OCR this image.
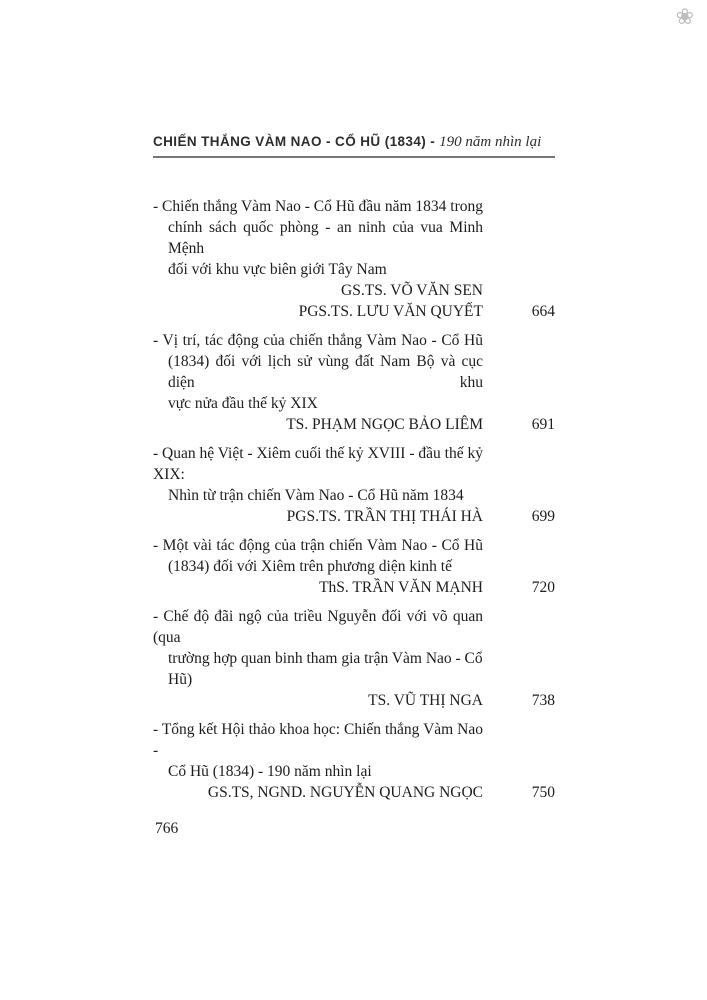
❀
CHIẾN THẮNG VÀM NAO - CỔ HŨ (1834) - 190 năm nhìn lại
- Chiến thắng Vàm Nao - Cổ Hũ đầu năm 1834 trong
chính sách quốc phòng - an ninh của vua Minh Mệnh
đối với khu vực biên giới Tây Nam
GS.TS. VÕ VĂN SEN
PGS.TS. LƯU VĂN QUYẾT	664
- Vị trí, tác động của chiến thắng Vàm Nao - Cổ Hũ
(1834) đối với lịch sử vùng đất Nam Bộ và cục diện khu
vực nửa đầu thế kỷ XIX
TS. PHẠM NGỌC BẢO LIÊM	691
- Quan hệ Việt - Xiêm cuối thế kỷ XVIII - đầu thế kỷ XIX:
Nhìn từ trận chiến Vàm Nao - Cổ Hũ năm 1834
PGS.TS. TRẦN THỊ THÁI HÀ	699
- Một vài tác động của trận chiến Vàm Nao - Cổ Hũ
(1834) đối với Xiêm trên phương diện kinh tế
ThS. TRẦN VĂN MẠNH	720
- Chế độ đãi ngộ của triều Nguyễn đối với võ quan (qua
trường hợp quan binh tham gia trận Vàm Nao - Cổ Hũ)
TS. VŨ THỊ NGA	738
- Tổng kết Hội thảo khoa học: Chiến thắng Vàm Nao -
Cổ Hũ (1834) - 190 năm nhìn lại
GS.TS, NGND. NGUYỄN QUANG NGỌC	750
766
